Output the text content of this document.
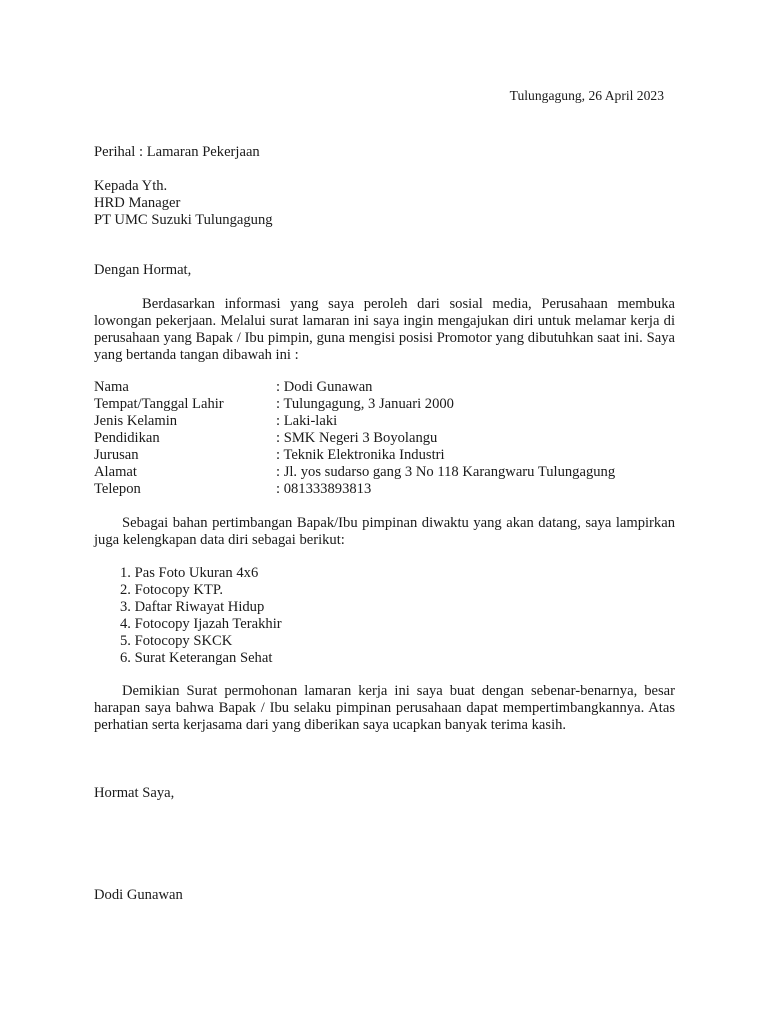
Tulungagung, 26 April 2023
Perihal : Lamaran Pekerjaan
Kepada Yth.
HRD Manager
PT UMC Suzuki Tulungagung
Dengan Hormat,
Berdasarkan informasi yang saya peroleh dari sosial media, Perusahaan membuka lowongan pekerjaan. Melalui surat lamaran ini saya ingin mengajukan diri untuk melamar kerja di perusahaan yang Bapak / Ibu pimpin, guna mengisi posisi Promotor yang dibutuhkan saat ini. Saya yang bertanda tangan dibawah ini :
Nama	: Dodi Gunawan
Tempat/Tanggal Lahir	: Tulungagung, 3 Januari 2000
Jenis Kelamin	: Laki-laki
Pendidikan	: SMK Negeri 3 Boyolangu
Jurusan	: Teknik Elektronika Industri
Alamat	: Jl. yos sudarso gang 3 No 118 Karangwaru Tulungagung
Telepon	: 081333893813
Sebagai bahan pertimbangan Bapak/Ibu pimpinan diwaktu yang akan datang, saya lampirkan juga kelengkapan data diri sebagai berikut:
1. Pas Foto Ukuran 4x6
2. Fotocopy KTP.
3. Daftar Riwayat Hidup
4. Fotocopy Ijazah Terakhir
5. Fotocopy SKCK
6. Surat Keterangan Sehat
Demikian Surat permohonan lamaran kerja ini saya buat dengan sebenar-benarnya, besar harapan saya bahwa Bapak / Ibu selaku pimpinan perusahaan dapat mempertimbangkannya. Atas perhatian serta kerjasama dari yang diberikan saya ucapkan banyak terima kasih.
Hormat Saya,
Dodi Gunawan
